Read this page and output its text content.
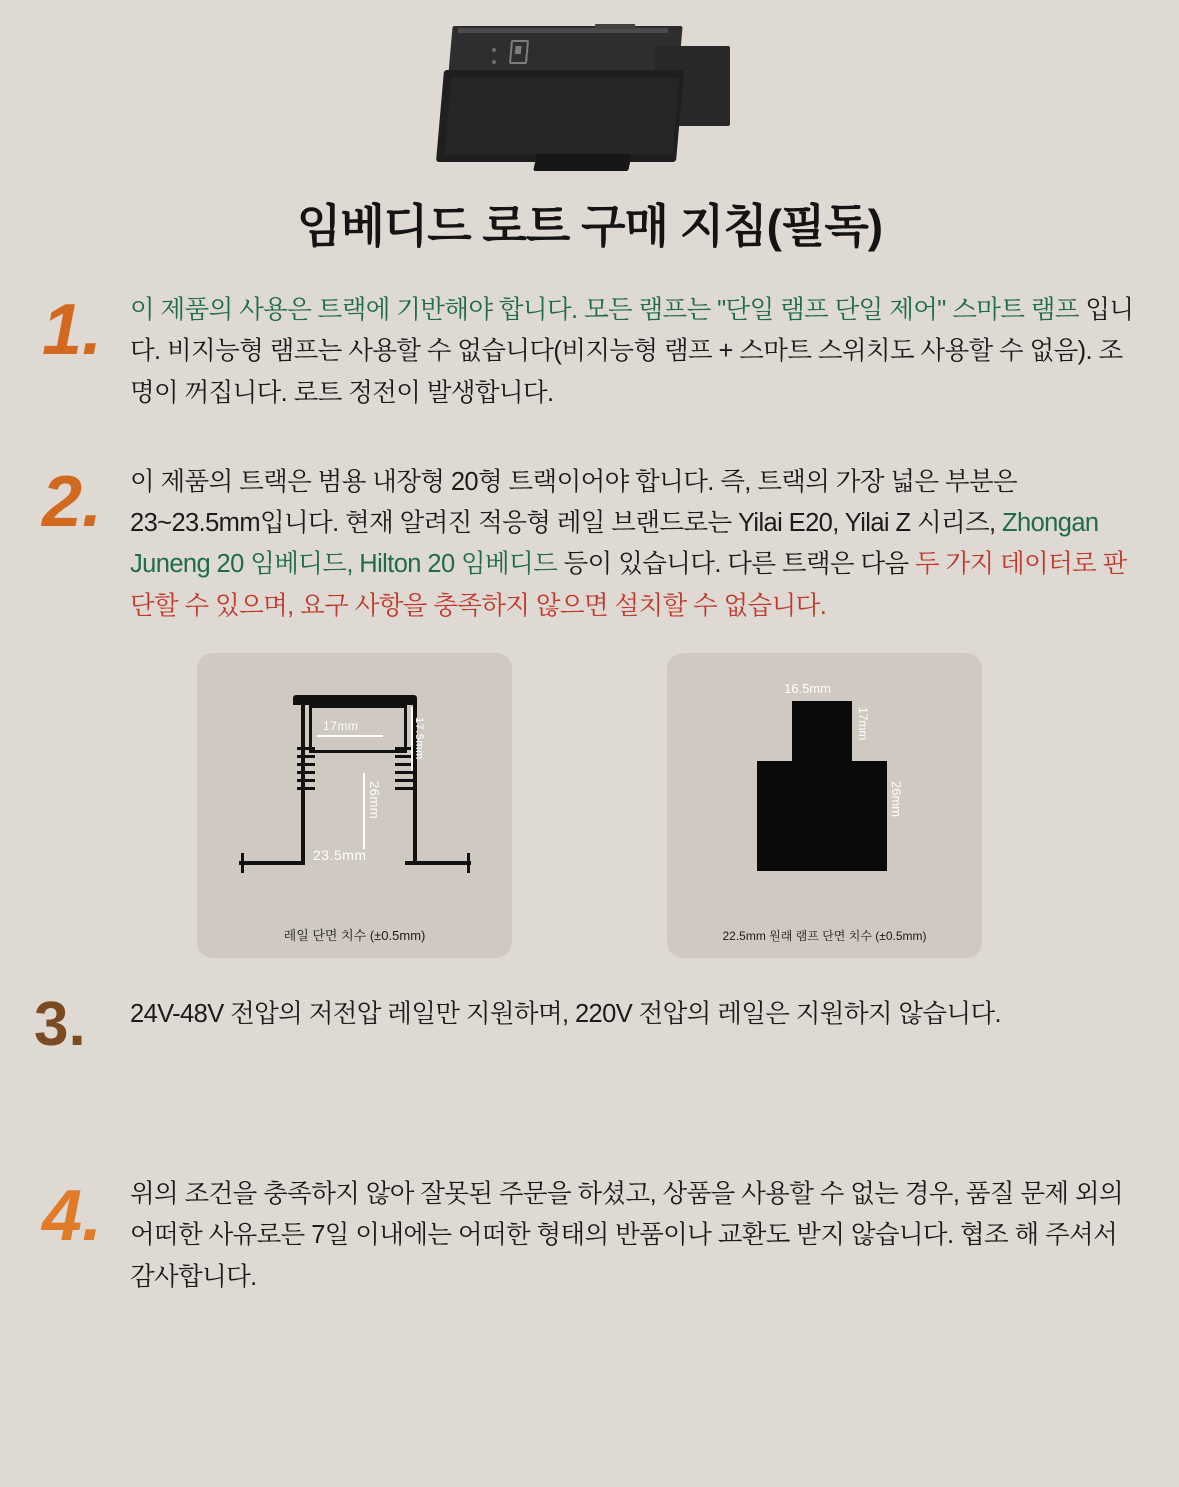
임베디드 로트 구매 지침(필독)
1. 이 제품의 사용은 트랙에 기반해야 합니다. 모든 램프는 "단일 램프 단일 제어" 스마트 램프 입니다. 비지능형 램프는 사용할 수 없습니다(비지능형 램프 + 스마트 스위치도 사용할 수 없음). 조명이 꺼집니다. 로트 정전이 발생합니다.

2. 이 제품의 트랙은 범용 내장형 20형 트랙이어야 합니다. 즉, 트랙의 가장 넓은 부분은 23~23.5mm입니다. 현재 알려진 적응형 레일 브랜드로는 Yilai E20, Yilai Z 시리즈, Zhongan Juneng 20 임베디드, Hilton 20 임베디드 등이 있습니다. 다른 트랙은 다음 두 가지 데이터로 판단할 수 있으며, 요구 사항을 충족하지 않으면 설치할 수 없습니다.

17mm	17.5mm
26mm
23.5mm
레일 단면 치수 (±0.5mm)
16.5mm
17mm
26mm
22.5mm 원래 램프 단면 치수 (±0.5mm)
3. 24V-48V 전압의 저전압 레일만 지원하며, 220V 전압의 레일은 지원하지 않습니다.

4. 위의 조건을 충족하지 않아 잘못된 주문을 하셨고, 상품을 사용할 수 없는 경우, 품질 문제 외의 어떠한 사유로든 7일 이내에는 어떠한 형태의 반품이나 교환도 받지 않습니다. 협조 해 주셔서 감사합니다.
